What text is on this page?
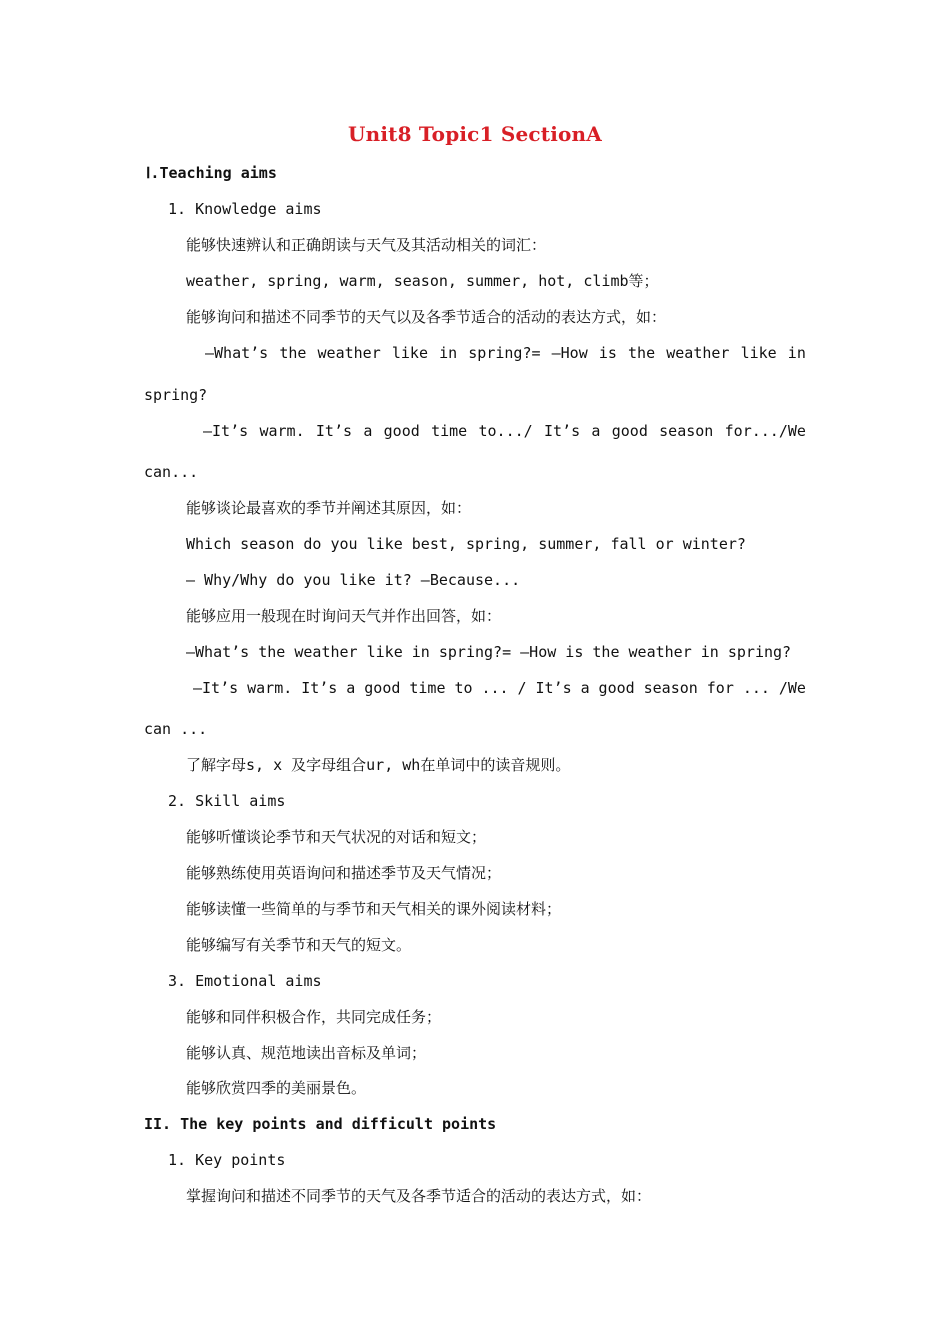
Unit8 Topic1 SectionA
Ⅰ.Teaching aims
1. Knowledge aims
能够快速辨认和正确朗读与天气及其活动相关的词汇：
weather, spring, warm, season, summer, hot, climb等；
能够询问和描述不同季节的天气以及各季节适合的活动的表达方式，如：
—What’s the weather like in spring?= —How is the weather like in
spring?
—It’s warm. It’s a good time to.../ It’s a good season for.../We
can...
能够谈论最喜欢的季节并阐述其原因，如：
Which season do you like best, spring, summer, fall or winter?
— Why/Why do you like it? —Because...
能够应用一般现在时询问天气并作出回答，如：
—What’s the weather like in spring?= —How is the weather in spring?
—It’s warm. It’s a good time to ... / It’s a good season for ... /We
can ...
了解字母s, x 及字母组合ur, wh在单词中的读音规则。
2. Skill aims
能够听懂谈论季节和天气状况的对话和短文；
能够熟练使用英语询问和描述季节及天气情况；
能够读懂一些简单的与季节和天气相关的课外阅读材料；
能够编写有关季节和天气的短文。
3. Emotional aims
能够和同伴积极合作，共同完成任务；
能够认真、规范地读出音标及单词；
能够欣赏四季的美丽景色。
II. The key points and difficult points
1. Key points
掌握询问和描述不同季节的天气及各季节适合的活动的表达方式，如：
